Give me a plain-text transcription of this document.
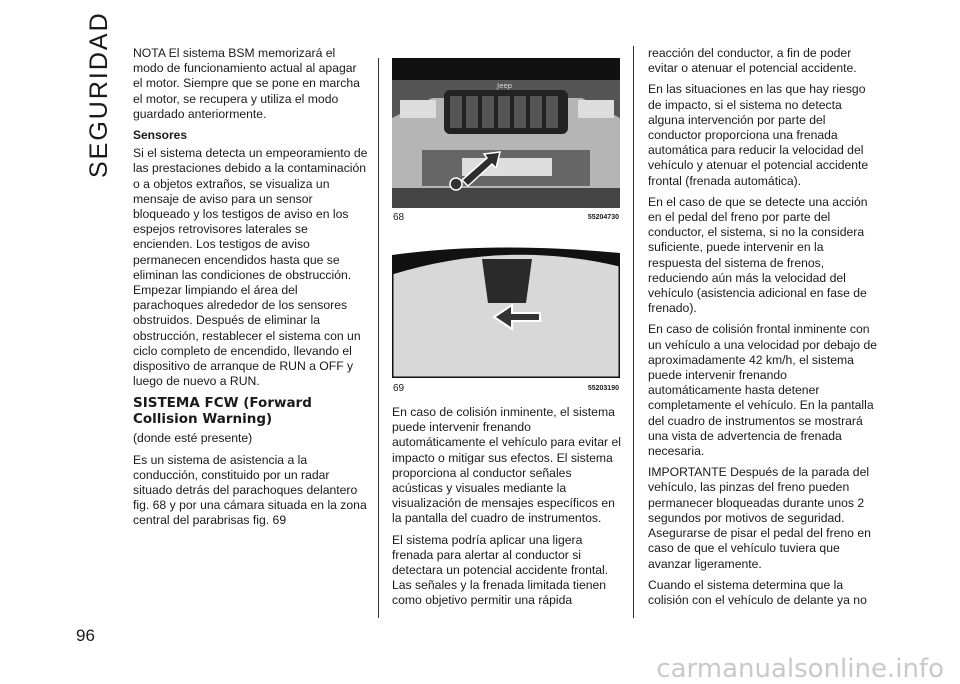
SEGURIDAD
96

NOTA El sistema BSM memorizará el modo de funcionamiento actual al apagar el motor. Siempre que se pone en marcha el motor, se recupera y utiliza el modo guardado anteriormente.

Sensores

Si el sistema detecta un empeoramiento de las prestaciones debido a la contaminación o a objetos extraños, se visualiza un mensaje de aviso para un sensor bloqueado y los testigos de aviso en los espejos retrovisores laterales se encienden. Los testigos de aviso permanecen encendidos hasta que se eliminan las condiciones de obstrucción. Empezar limpiando el área del parachoques alrededor de los sensores obstruidos. Después de eliminar la obstrucción, restablecer el sistema con un ciclo completo de encendido, llevando el dispositivo de arranque de RUN a OFF y luego de nuevo a RUN.

SISTEMA FCW (Forward Collision Warning)

(donde esté presente)

Es un sistema de asistencia a la conducción, constituido por un radar situado detrás del parachoques delantero fig. 68 y por una cámara situada en la zona central del parabrisas fig. 69

Jeep
68	55204730
69	55203190

En caso de colisión inminente, el sistema puede intervenir frenando automáticamente el vehículo para evitar el impacto o mitigar sus efectos. El sistema proporciona al conductor señales acústicas y visuales mediante la visualización de mensajes específicos en la pantalla del cuadro de instrumentos.

El sistema podría aplicar una ligera frenada para alertar al conductor si detectara un potencial accidente frontal. Las señales y la frenada limitada tienen como objetivo permitir una rápida

reacción del conductor, a fin de poder evitar o atenuar el potencial accidente.

En las situaciones en las que hay riesgo de impacto, si el sistema no detecta alguna intervención por parte del conductor proporciona una frenada automática para reducir la velocidad del vehículo y atenuar el potencial accidente frontal (frenada automática).

En el caso de que se detecte una acción en el pedal del freno por parte del conductor, el sistema, si no la considera suficiente, puede intervenir en la respuesta del sistema de frenos, reduciendo aún más la velocidad del vehículo (asistencia adicional en fase de frenado).

En caso de colisión frontal inminente con un vehículo a una velocidad por debajo de aproximadamente 42 km/h, el sistema puede intervenir frenando automáticamente hasta detener completamente el vehículo. En la pantalla del cuadro de instrumentos se mostrará una vista de advertencia de frenada necesaria.

IMPORTANTE Después de la parada del vehículo, las pinzas del freno pueden permanecer bloqueadas durante unos 2 segundos por motivos de seguridad. Asegurarse de pisar el pedal del freno en caso de que el vehículo tuviera que avanzar ligeramente.

Cuando el sistema determina que la colisión con el vehículo de delante ya no

carmanualsonline.info
